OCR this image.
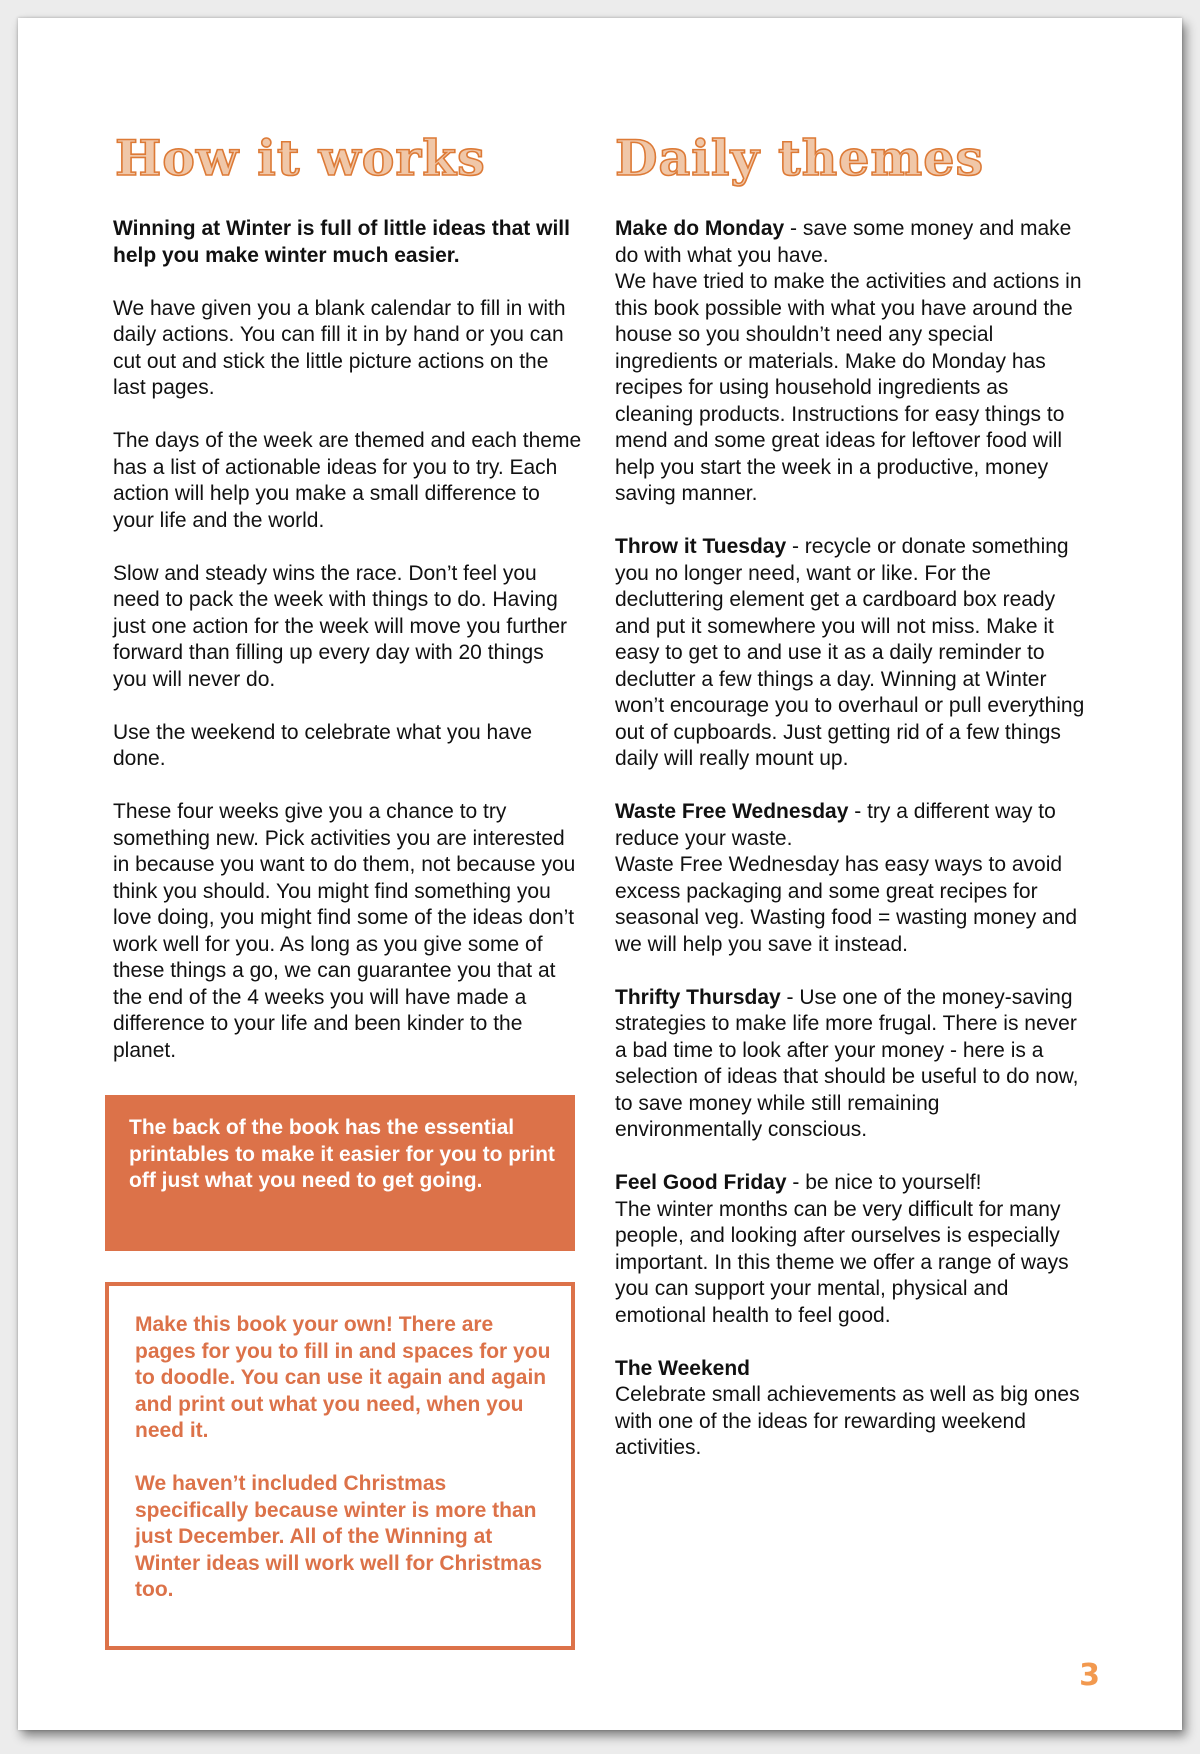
How it works
Winning at Winter is full of little ideas that will help you make winter much easier.
We have given you a blank calendar to fill in with daily actions. You can fill it in by hand or you can cut out and stick the little picture actions on the last pages.
The days of the week are themed and each theme has a list of actionable ideas for you to try. Each action will help you make a small difference to your life and the world.
Slow and steady wins the race. Don’t feel you need to pack the week with things to do. Having just one action for the week will move you further forward than filling up every day with 20 things you will never do.
Use the weekend to celebrate what you have done.
These four weeks give you a chance to try something new. Pick activities you are interested in because you want to do them, not because you think you should. You might find something you love doing, you might find some of the ideas don’t work well for you. As long as you give some of these things a go, we can guarantee you that at the end of the 4 weeks you will have made a difference to your life and been kinder to the planet.
The back of the book has the essential printables to make it easier for you to print off just what you need to get going.
Make this book your own! There are pages for you to fill in and spaces for you to doodle. You can use it again and again and print out what you need, when you need it.
We haven’t included Christmas specifically because winter is more than just December. All of the Winning at Winter ideas will work well for Christmas too.
Daily themes
Make do Monday - save some money and make do with what you have.
We have tried to make the activities and actions in this book possible with what you have around the house so you shouldn’t need any special ingredients or materials. Make do Monday has recipes for using household ingredients as cleaning products. Instructions for easy things to mend and some great ideas for leftover food will help you start the week in a productive, money saving manner.
Throw it Tuesday - recycle or donate something you no longer need, want or like. For the decluttering element get a cardboard box ready and put it somewhere you will not miss. Make it easy to get to and use it as a daily reminder to declutter a few things a day. Winning at Winter won’t encourage you to overhaul or pull everything out of cupboards. Just getting rid of a few things daily will really mount up.
Waste Free Wednesday - try a different way to reduce your waste.
Waste Free Wednesday has easy ways to avoid excess packaging and some great recipes for seasonal veg. Wasting food = wasting money and we will help you save it instead.
Thrifty Thursday - Use one of the money-saving strategies to make life more frugal. There is never a bad time to look after your money - here is a selection of ideas that should be useful to do now, to save money while still remaining environmentally conscious.
Feel Good Friday - be nice to yourself!
The winter months can be very difficult for many people, and looking after ourselves is especially important. In this theme we offer a range of ways you can support your mental, physical and emotional health to feel good.
The Weekend
Celebrate small achievements as well as big ones with one of the ideas for rewarding weekend activities.
3
